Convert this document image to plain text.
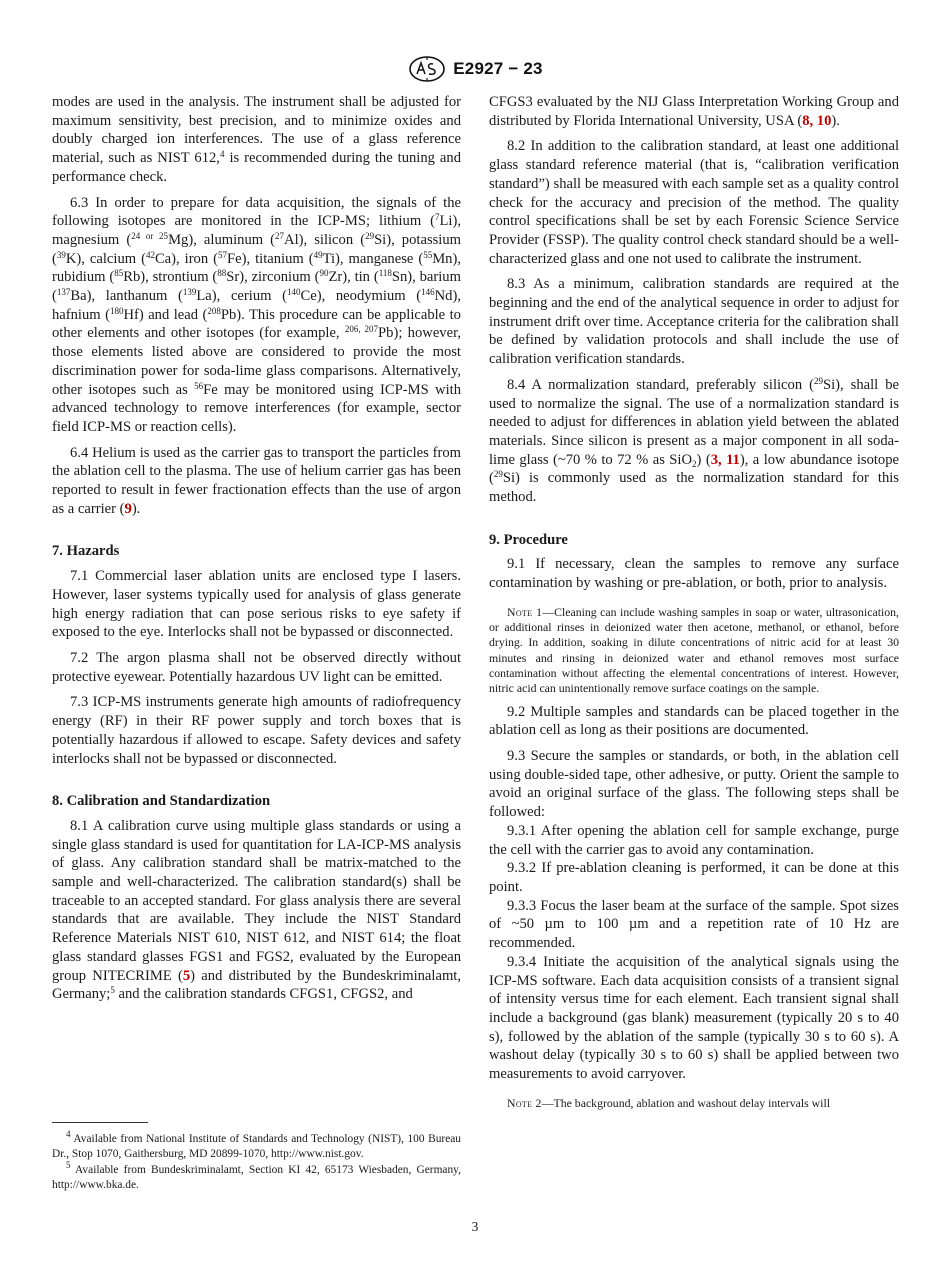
E2927 − 23

modes are used in the analysis. The instrument shall be adjusted for maximum sensitivity, best precision, and to minimize oxides and doubly charged ion interferences. The use of a glass reference material, such as NIST 612,$^4$ is recommended during the tuning and performance check.

6.3 In order to prepare for data acquisition, the signals of the following isotopes are monitored in the ICP-MS; lithium ($^7$Li), magnesium ($^{24 or 25}$Mg), aluminum ($^{27}$Al), silicon ($^{29}$Si), potassium ($^{39}$K), calcium ($^{42}$Ca), iron ($^{57}$Fe), titanium ($^{49}$Ti), manganese ($^{55}$Mn), rubidium ($^{85}$Rb), strontium ($^{88}$Sr), zirconium ($^{90}$Zr), tin ($^{118}$Sn), barium ($^{137}$Ba), lanthanum ($^{139}$La), cerium ($^{140}$Ce), neodymium ($^{146}$Nd), hafnium ($^{180}$Hf) and lead ($^{208}$Pb). This procedure can be applicable to other elements and other isotopes (for example, $^{206, 207}$Pb); however, those elements listed above are considered to provide the most discrimination power for soda-lime glass comparisons. Alternatively, other isotopes such as $^{56}$Fe may be monitored using ICP-MS with advanced technology to remove interferences (for example, sector field ICP-MS or reaction cells).

6.4 Helium is used as the carrier gas to transport the particles from the ablation cell to the plasma. The use of helium carrier gas has been reported to result in fewer fractionation effects than the use of argon as a carrier (9).

7. Hazards

7.1 Commercial laser ablation units are enclosed type I lasers. However, laser systems typically used for analysis of glass generate high energy radiation that can pose serious risks to eye safety if exposed to the eye. Interlocks shall not be bypassed or disconnected.

7.2 The argon plasma shall not be observed directly without protective eyewear. Potentially hazardous UV light can be emitted.

7.3 ICP-MS instruments generate high amounts of radiofrequency energy (RF) in their RF power supply and torch boxes that is potentially hazardous if allowed to escape. Safety devices and safety interlocks shall not be bypassed or disconnected.

8. Calibration and Standardization

8.1 A calibration curve using multiple glass standards or using a single glass standard is used for quantitation for LA-ICP-MS analysis of glass. Any calibration standard shall be matrix-matched to the sample and well-characterized. The calibration standard(s) shall be traceable to an accepted standard. For glass analysis there are several standards that are available. They include the NIST Standard Reference Materials NIST 610, NIST 612, and NIST 614; the float glass standard glasses FGS1 and FGS2, evaluated by the European group NITECRIME (5) and distributed by the Bundeskriminalamt, Germany;$^5$ and the calibration standards CFGS1, CFGS2, and

$^4$ Available from National Institute of Standards and Technology (NIST), 100 Bureau Dr., Stop 1070, Gaithersburg, MD 20899-1070, http://www.nist.gov.

$^5$ Available from Bundeskriminalamt, Section KI 42, 65173 Wiesbaden, Germany, http://www.bka.de.

CFGS3 evaluated by the NIJ Glass Interpretation Working Group and distributed by Florida International University, USA (8, 10).

8.2 In addition to the calibration standard, at least one additional glass standard reference material (that is, “calibration verification standard”) shall be measured with each sample set as a quality control check for the accuracy and precision of the method. The quality control specifications shall be set by each Forensic Science Service Provider (FSSP). The quality control check standard should be a well-characterized glass and one not used to calibrate the instrument.

8.3 As a minimum, calibration standards are required at the beginning and the end of the analytical sequence in order to adjust for instrument drift over time. Acceptance criteria for the calibration shall be defined by validation protocols and shall include the use of calibration verification standards.

8.4 A normalization standard, preferably silicon ($^{29}$Si), shall be used to normalize the signal. The use of a normalization standard is needed to adjust for differences in ablation yield between the ablated materials. Since silicon is present as a major component in all soda-lime glass (~70 % to 72 % as SiO$_2$) (3, 11), a low abundance isotope ($^{29}$Si) is commonly used as the normalization standard for this method.

9. Procedure

9.1 If necessary, clean the samples to remove any surface contamination by washing or pre-ablation, or both, prior to analysis.

Note 1—Cleaning can include washing samples in soap or water, ultrasonication, or additional rinses in deionized water then acetone, methanol, or ethanol, before drying. In addition, soaking in dilute concentrations of nitric acid for at least 30 minutes and rinsing in deionized water and ethanol removes most surface contamination without affecting the elemental concentrations of interest. However, nitric acid can unintentionally remove surface coatings on the sample.

9.2 Multiple samples and standards can be placed together in the ablation cell as long as their positions are documented.

9.3 Secure the samples or standards, or both, in the ablation cell using double-sided tape, other adhesive, or putty. Orient the sample to avoid an original surface of the glass. The following steps shall be followed:

9.3.1 After opening the ablation cell for sample exchange, purge the cell with the carrier gas to avoid any contamination.

9.3.2 If pre-ablation cleaning is performed, it can be done at this point.

9.3.3 Focus the laser beam at the surface of the sample. Spot sizes of ~50 µm to 100 µm and a repetition rate of 10 Hz are recommended.

9.3.4 Initiate the acquisition of the analytical signals using the ICP-MS software. Each data acquisition consists of a transient signal of intensity versus time for each element. Each transient signal shall include a background (gas blank) measurement (typically 20 s to 40 s), followed by the ablation of the sample (typically 30 s to 60 s). A washout delay (typically 30 s to 60 s) shall be applied between two measurements to avoid carryover.

Note 2—The background, ablation and washout delay intervals will
3
